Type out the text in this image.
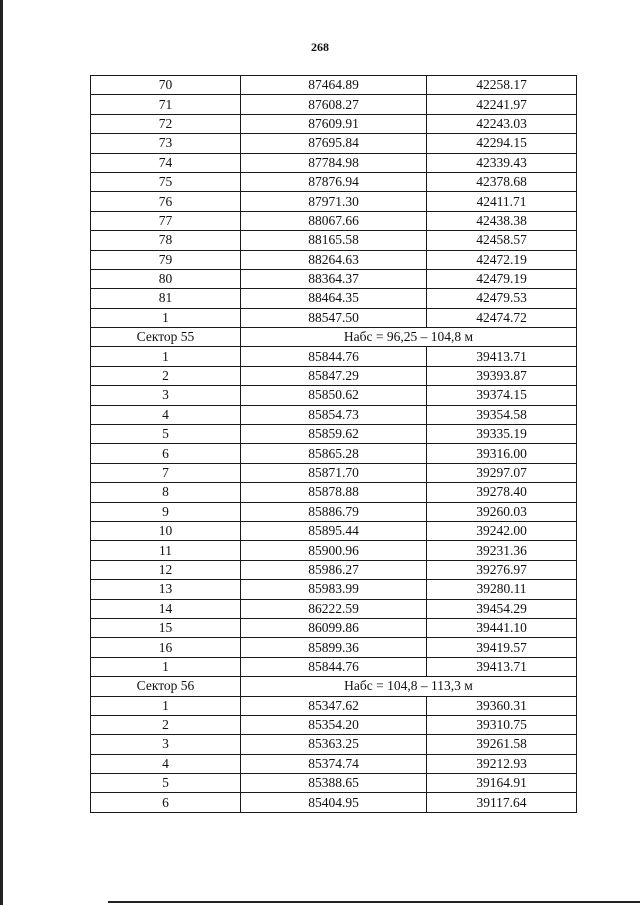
268
70	87464.89	42258.17
71	87608.27	42241.97
72	87609.91	42243.03
73	87695.84	42294.15
74	87784.98	42339.43
75	87876.94	42378.68
76	87971.30	42411.71
77	88067.66	42438.38
78	88165.58	42458.57
79	88264.63	42472.19
80	88364.37	42479.19
81	88464.35	42479.53
1	88547.50	42474.72
Сектор 55	Набс = 96,25 – 104,8 м	
1	85844.76	39413.71
2	85847.29	39393.87
3	85850.62	39374.15
4	85854.73	39354.58
5	85859.62	39335.19
6	85865.28	39316.00
7	85871.70	39297.07
8	85878.88	39278.40
9	85886.79	39260.03
10	85895.44	39242.00
11	85900.96	39231.36
12	85986.27	39276.97
13	85983.99	39280.11
14	86222.59	39454.29
15	86099.86	39441.10
16	85899.36	39419.57
1	85844.76	39413.71
Сектор 56	Набс = 104,8 – 113,3 м	
1	85347.62	39360.31
2	85354.20	39310.75
3	85363.25	39261.58
4	85374.74	39212.93
5	85388.65	39164.91
6	85404.95	39117.64
